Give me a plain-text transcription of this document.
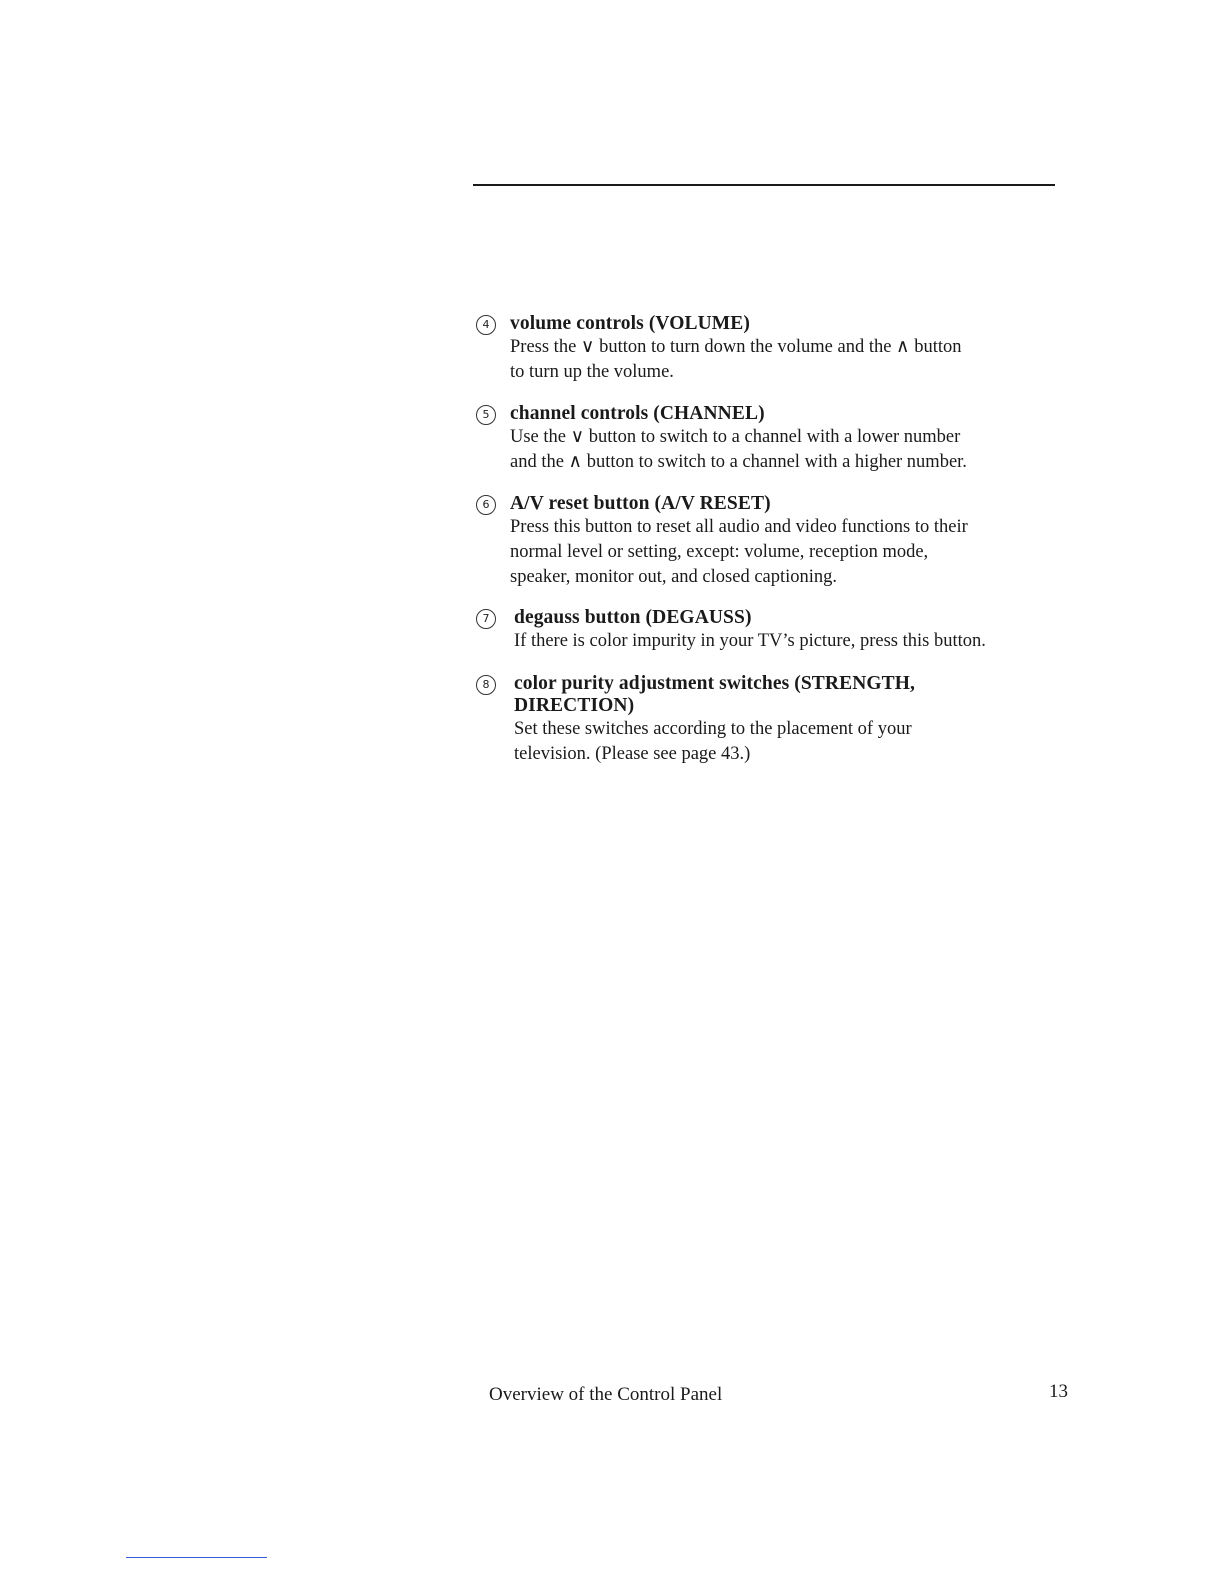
4	volume controls (VOLUME)
Press the ∨ button to turn down the volume and the ∧ button
to turn up the volume.
5	channel controls (CHANNEL)
Use the ∨ button to switch to a channel with a lower number
and the ∧ button to switch to a channel with a higher number.
6	A/V reset button (A/V RESET)
Press this button to reset all audio and video functions to their
normal level or setting, except: volume, reception mode,
speaker, monitor out, and closed captioning.
7	degauss button (DEGAUSS)
If there is color impurity in your TV’s picture, press this button.
8	color purity adjustment switches (STRENGTH,
DIRECTION)
Set these switches according to the placement of your
television. (Please see page 43.)
Overview of the Control Panel	13
